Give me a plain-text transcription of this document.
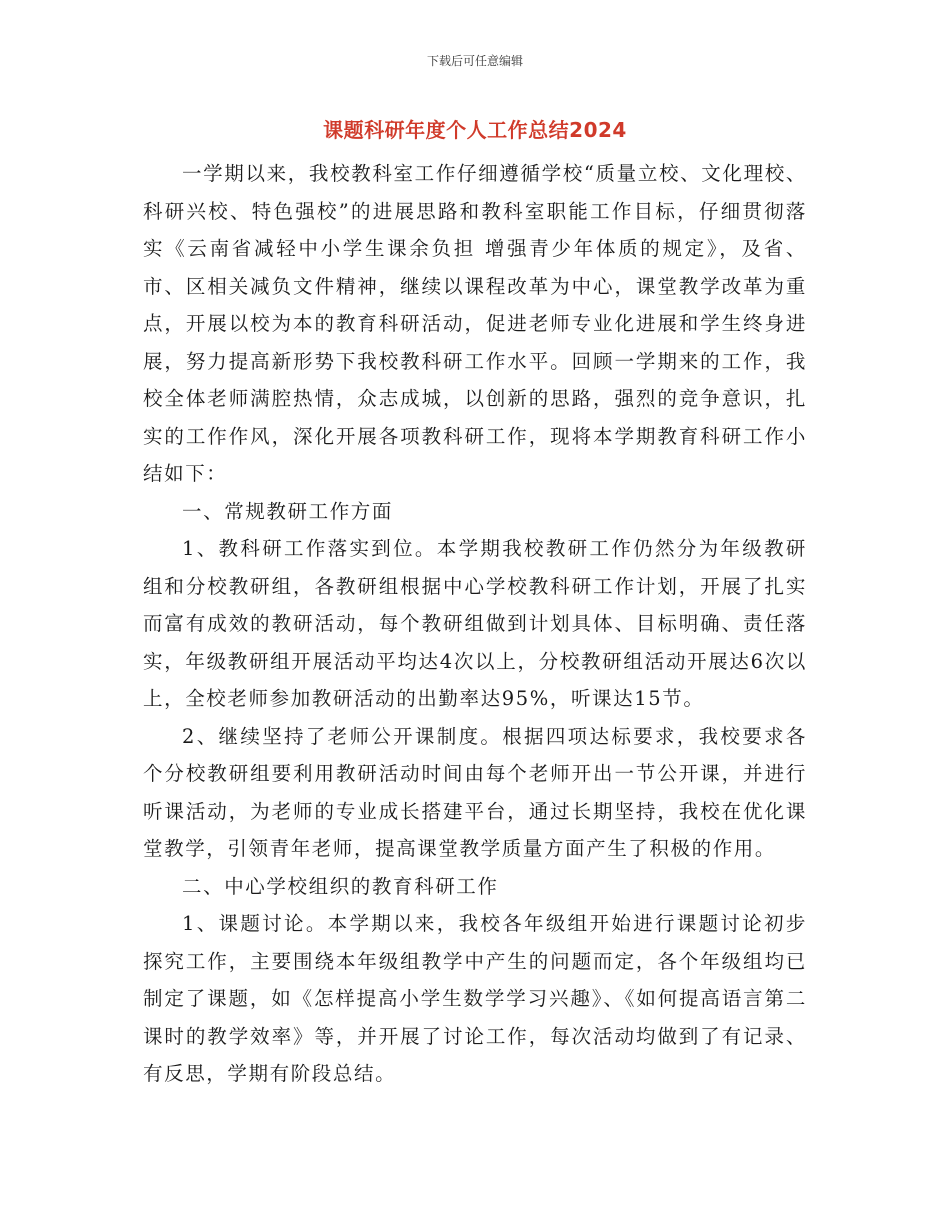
下载后可任意编辑
课题科研年度个人工作总结2024

一学期以来，我校教科室工作仔细遵循学校“质量立校、文化理校、科研兴校、特色强校”的进展思路和教科室职能工作目标，仔细贯彻落实《云南省减轻中小学生课余负担 增强青少年体质的规定》，及省、市、区相关减负文件精神，继续以课程改革为中心，课堂教学改革为重点，开展以校为本的教育科研活动，促进老师专业化进展和学生终身进展，努力提高新形势下我校教科研工作水平。回顾一学期来的工作，我校全体老师满腔热情，众志成城，以创新的思路，强烈的竞争意识，扎实的工作作风，深化开展各项教科研工作，现将本学期教育科研工作小结如下：

一、常规教研工作方面

1、教科研工作落实到位。本学期我校教研工作仍然分为年级教研组和分校教研组，各教研组根据中心学校教科研工作计划，开展了扎实而富有成效的教研活动，每个教研组做到计划具体、目标明确、责任落实，年级教研组开展活动平均达4次以上，分校教研组活动开展达6次以上，全校老师参加教研活动的出勤率达95%，听课达15节。

2、继续坚持了老师公开课制度。根据四项达标要求，我校要求各个分校教研组要利用教研活动时间由每个老师开出一节公开课，并进行听课活动，为老师的专业成长搭建平台，通过长期坚持，我校在优化课堂教学，引领青年老师，提高课堂教学质量方面产生了积极的作用。

二、中心学校组织的教育科研工作

1、课题讨论。本学期以来，我校各年级组开始进行课题讨论初步探究工作，主要围绕本年级组教学中产生的问题而定，各个年级组均已制定了课题，如《怎样提高小学生数学学习兴趣》、《如何提高语言第二课时的教学效率》等，并开展了讨论工作，每次活动均做到了有记录、有反思，学期有阶段总结。
